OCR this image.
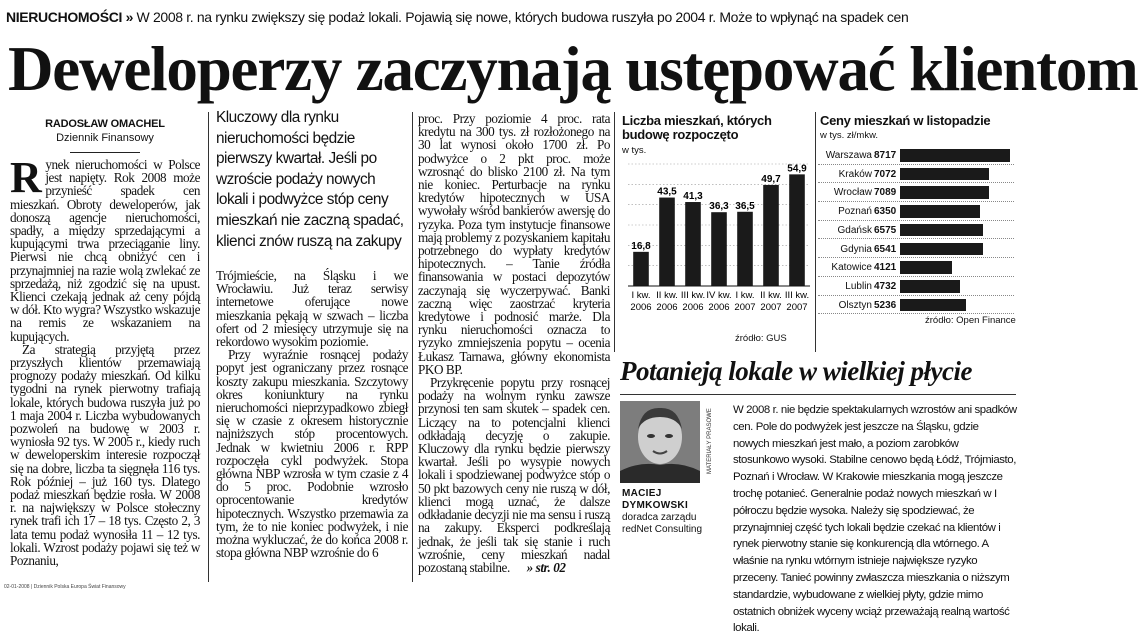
NIERUCHOMOŚCI » W 2008 r. na rynku zwiększy się podaż lokali. Pojawią się nowe, których budowa ruszyła po 2004 r. Może to wpłynąć na spadek cen
Deweloperzy zaczynają ustępować klientom
RADOSŁAW OMACHEL
Dziennik Finansowy

Rynek nieruchomości w Polsce jest napięty. Rok 2008 może przynieść spadek cen mieszkań. Obroty deweloperów, jak donoszą agencje nieruchomości, spadły, a między sprzedającymi a kupującymi trwa przeciąganie liny. Pierwsi nie chcą obniżyć cen i przynajmniej na razie wolą zwlekać ze sprzedażą, niż zgodzić się na upust. Klienci czekają jednak aż ceny pójdą w dół. Kto wygra? Wszystko wskazuje na remis ze wskazaniem na kupujących.

Za strategią przyjętą przez przyszłych klientów przemawiają prognozy podaży mieszkań. Od kilku tygodni na rynek pierwotny trafiają lokale, których budowa ruszyła już po 1 maja 2004 r. Liczba wybudowanych pozwoleń na budowę w 2003 r. wyniosła 92 tys. W 2005 r., kiedy ruch w deweloperskim interesie rozpoczął się na dobre, liczba ta sięgnęła 116 tys. Rok później – już 160 tys. Dlatego podaż mieszkań będzie rosła. W 2008 r. na największy w Polsce stołeczny rynek trafi ich 17 – 18 tys. Często 2, 3 lata temu podaż wynosiła 11 – 12 tys. lokali. Wzrost podaży pojawi się też w Poznaniu,

Kluczowy dla rynku nieruchomości będzie pierwszy kwartał. Jeśli po wzroście podaży nowych lokali i podwyżce stóp ceny mieszkań nie zaczną spadać, klienci znów ruszą na zakupy

Trójmieście, na Śląsku i we Wrocławiu. Już teraz serwisy internetowe oferujące nowe mieszkania pękają w szwach – liczba ofert od 2 miesięcy utrzymuje się na rekordowo wysokim poziomie.

Przy wyraźnie rosnącej podaży popyt jest ograniczany przez rosnące koszty zakupu mieszkania. Szczytowy okres koniunktury na rynku nieruchomości nieprzypadkowo zbiegł się w czasie z okresem historycznie najniższych stóp procentowych. Jednak w kwietniu 2006 r. RPP rozpoczęła cykl podwyżek. Stopa główna NBP wzrosła w tym czasie z 4 do 5 proc. Podobnie wzrosło oprocentowanie kredytów hipotecznych. Wszystko przemawia za tym, że to nie koniec podwyżek, i nie można wykluczać, że do końca 2008 r. stopa główna NBP wzrośnie do 6

proc. Przy poziomie 4 proc. rata kredytu na 300 tys. zł rozłożonego na 30 lat wynosi około 1700 zł. Po podwyżce o 2 pkt proc. może wzrosnąć do blisko 2100 zł. Na tym nie koniec. Perturbacje na rynku kredytów hipotecznych w USA wywołały wśród bankierów awersję do ryzyka. Poza tym instytucje finansowe mają problemy z pozyskaniem kapitału potrzebnego do wypłaty kredytów hipotecznych. – Tanie źródła finansowania w postaci depozytów zaczynają się wyczerpywać. Banki zaczną więc zaostrzać kryteria kredytowe i podnosić marże. Dla rynku nieruchomości oznacza to ryzyko zmniejszenia popytu – ocenia Łukasz Tarnawa, główny ekonomista PKO BP.

Przykręcenie popytu przy rosnącej podaży na wolnym rynku zawsze przynosi ten sam skutek – spadek cen. Liczący na to potencjalni klienci odkładają decyzję o zakupie. Kluczowy dla rynku będzie pierwszy kwartał. Jeśli po wysypie nowych lokali i spodziewanej podwyżce stóp o 50 pkt bazowych ceny nie ruszą w dół, klienci mogą uznać, że dalsze odkładanie decyzji nie ma sensu i ruszą na zakupy. Eksperci podkreślają jednak, że jeśli tak się stanie i ruch wzrośnie, ceny mieszkań nadal pozostaną stabilne. » str. 02

Liczba mieszkań, których budowę rozpoczęto
w tys.
16,8
I kw.
2006
43,5
II kw.
2006
41,3
III kw.
2006
36,3
IV kw.
2006
36,5
I kw.
2007
49,7
II kw.
2007
54,9
III kw.
2007
źródło: GUS
Ceny mieszkań w listopadzie
w tys. zł/mkw.
Warszawa 8717
Kraków 7072
Wrocław 7089
Poznań 6350
Gdańsk 6575
Gdynia 6541
Katowice 4121
Lublin 4732
Olsztyn 5236
źródło: Open Finance
Potanieją lokale w wielkiej płycie
MATERIAŁY PRASOWE
MACIEJ
DYMKOWSKI
doradca zarządu
redNet Consulting
W 2008 r. nie będzie spektakularnych wzrostów ani spadków cen. Pole do podwyżek jest jeszcze na Śląsku, gdzie nowych mieszkań jest mało, a poziom zarobków stosunkowo wysoki. Stabilne cenowo będą Łódź, Trójmiasto, Poznań i Wrocław. W Krakowie mieszkania mogą jeszcze trochę potanieć. Generalnie podaż nowych mieszkań w I półroczu będzie wysoka. Należy się spodziewać, że przynajmniej część tych lokali będzie czekać na klientów i rynek pierwotny stanie się konkurencją dla wtórnego. A właśnie na rynku wtórnym istnieje największe ryzyko przeceny. Tanieć powinny zwłaszcza mieszkania o niższym standardzie, wybudowane z wielkiej płyty, gdzie mimo ostatnich obniżek wyceny wciąż przeważają realną wartość lokali.
02-01-2008 | Dziennik Polska Europa Świat Finansowy
